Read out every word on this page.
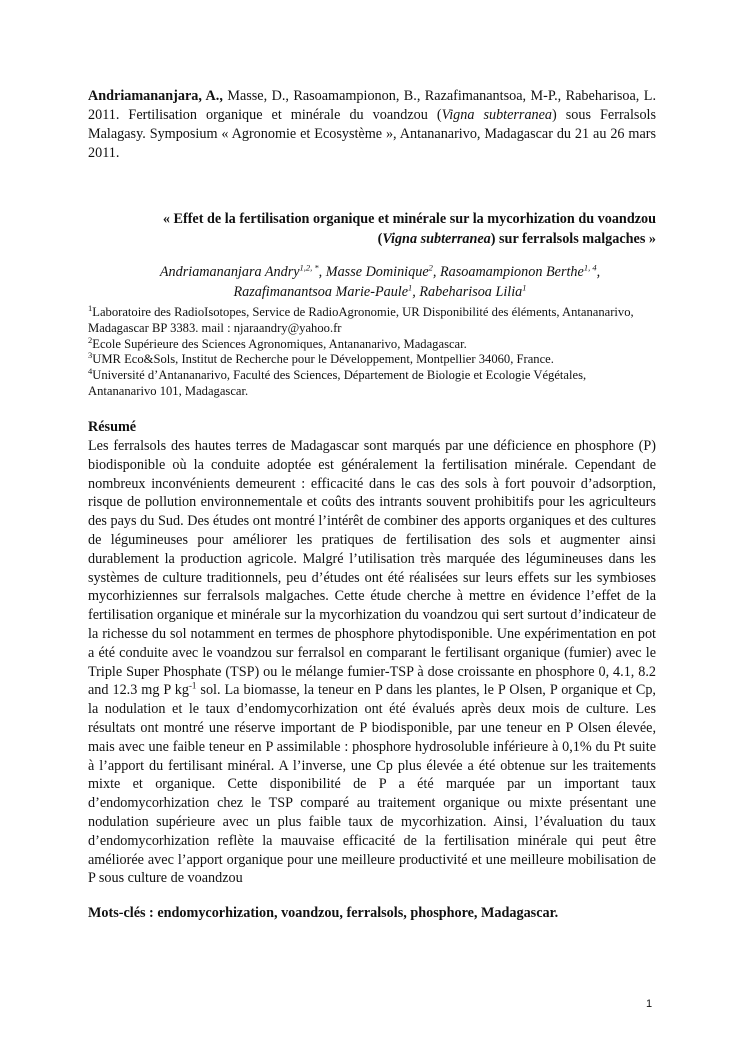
Andriamananjara, A., Masse, D., Rasoamampionon, B., Razafimanantsoa, M-P., Rabeharisoa, L. 2011. Fertilisation organique et minérale du voandzou (Vigna subterranea) sous Ferralsols Malagasy. Symposium « Agronomie et Ecosystème », Antananarivo, Madagascar du 21 au 26 mars 2011.

« Effet de la fertilisation organique et minérale sur la mycorhization du voandzou (Vigna subterranea) sur ferralsols malgaches »
Andriamananjara Andry$^{1,2, *}$, Masse Dominique$^2$, Rasoamampionon Berthe$^{1, 4}$,
Razafimanantsoa Marie-Paule$^1$, Rabeharisoa Lilia$^1$

$^1$Laboratoire des RadioIsotopes, Service de RadioAgronomie, UR Disponibilité des éléments, Antananarivo, Madagascar BP 3383. mail : njaraandry@yahoo.fr

$^2$Ecole Supérieure des Sciences Agronomiques, Antananarivo, Madagascar.

$^3$UMR Eco&Sols, Institut de Recherche pour le Développement, Montpellier 34060, France.

$^4$Université d’Antananarivo, Faculté des Sciences, Département de Biologie et Ecologie Végétales, Antananarivo 101, Madagascar.

Résumé

Les ferralsols des hautes terres de Madagascar sont marqués par une déficience en phosphore (P) biodisponible où la conduite adoptée est généralement la fertilisation minérale. Cependant de nombreux inconvénients demeurent : efficacité dans le cas des sols à fort pouvoir d’adsorption, risque de pollution environnementale et coûts des intrants souvent prohibitifs pour les agriculteurs des pays du Sud. Des études ont montré l’intérêt de combiner des apports organiques et des cultures de légumineuses pour améliorer les pratiques de fertilisation des sols et augmenter ainsi durablement la production agricole. Malgré l’utilisation très marquée des légumineuses dans les systèmes de culture traditionnels, peu d’études ont été réalisées sur leurs effets sur les symbioses mycorhiziennes sur ferralsols malgaches. Cette étude cherche à mettre en évidence l’effet de la fertilisation organique et minérale sur la mycorhization du voandzou qui sert surtout d’indicateur de la richesse du sol notamment en termes de phosphore phytodisponible. Une expérimentation en pot a été conduite avec le voandzou sur ferralsol en comparant le fertilisant organique (fumier) avec le Triple Super Phosphate (TSP) ou le mélange fumier-TSP à dose croissante en phosphore 0, 4.1, 8.2 and 12.3 mg P $kg^{-1}$ sol. La biomasse, la teneur en P dans les plantes, le P Olsen, P organique et Cp, la nodulation et le taux d’endomycorhization ont été évalués après deux mois de culture. Les résultats ont montré une réserve important de P biodisponible, par une teneur en P Olsen élevée, mais avec une faible teneur en P assimilable : phosphore hydrosoluble inférieure à 0,1% du Pt suite à l’apport du fertilisant minéral. A l’inverse, une Cp plus élevée a été obtenue sur les traitements mixte et organique. Cette disponibilité de P a été marquée par un important taux d’endomycorhization chez le TSP comparé au traitement organique ou mixte présentant une nodulation supérieure avec un plus faible taux de mycorhization. Ainsi, l’évaluation du taux d’endomycorhization reflète la mauvaise efficacité de la fertilisation minérale qui peut être améliorée avec l’apport organique pour une meilleure productivité et une meilleure mobilisation de P sous culture de voandzou

Mots-clés : endomycorhization, voandzou, ferralsols, phosphore, Madagascar.
1
